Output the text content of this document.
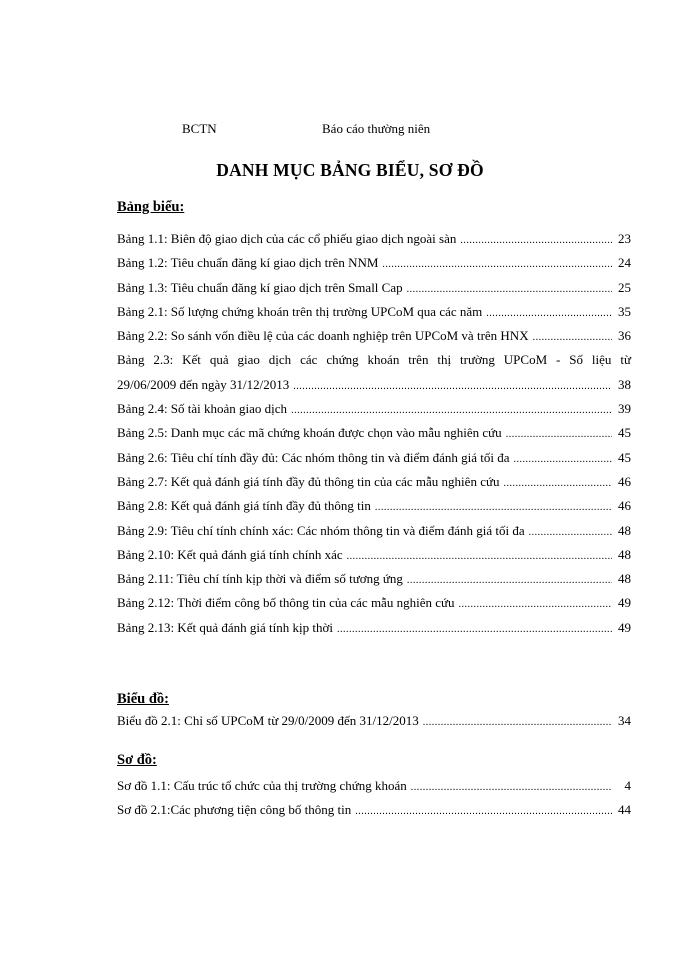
BCTN	Báo cáo thường niên
DANH MỤC BẢNG BIỂU, SƠ ĐỒ
Bảng biểu:
Bảng 1.1: Biên độ giao dịch của các cổ phiếu giao dịch ngoài sàn .....	23
Bảng 1.2: Tiêu chuẩn đăng kí giao dịch trên NNM .....	24
Bảng 1.3: Tiêu chuẩn đăng kí giao dịch trên Small Cap .....	25
Bảng 2.1: Số lượng chứng khoán trên thị trường UPCoM qua các năm .....	35
Bảng 2.2: So sánh vốn điều lệ của các doanh nghiệp trên UPCoM và trên HNX .....	36
Bảng 2.3: Kết quả giao dịch các chứng khoán trên thị trường UPCoM - Số liệu từ
29/06/2009 đến ngày 31/12/2013 .....	38
Bảng 2.4: Số tài khoản giao dịch .....	39
Bảng 2.5: Danh mục các mã chứng khoán được chọn vào mẫu nghiên cứu .....	45
Bảng 2.6: Tiêu chí tính đầy đủ: Các nhóm thông tin và điểm đánh giá tối đa .....	45
Bảng 2.7: Kết quả đánh giá tính đầy đủ thông tin của các mẫu nghiên cứu .....	46
Bảng 2.8: Kết quả đánh giá tính đầy đủ thông tin .....	46
Bảng 2.9: Tiêu chí tính chính xác: Các nhóm thông tin và điểm đánh giá tối đa .....	48
Bảng 2.10: Kết quả đánh giá tính chính xác .....	48
Bảng 2.11: Tiêu chí tính kịp thời và điểm số tương ứng .....	48
Bảng 2.12: Thời điểm công bố thông tin của các mẫu nghiên cứu .....	49
Bảng 2.13: Kết quả đánh giá tính kịp thời .....	49
Biểu đồ:
Biểu đồ 2.1: Chỉ số UPCoM từ 29/0/2009 đến 31/12/2013 .....	34
Sơ đồ:
Sơ đồ 1.1: Cấu trúc tổ chức của thị trường chứng khoán .....	4
Sơ đồ 2.1:Các phương tiện công bố thông tin .....	44
